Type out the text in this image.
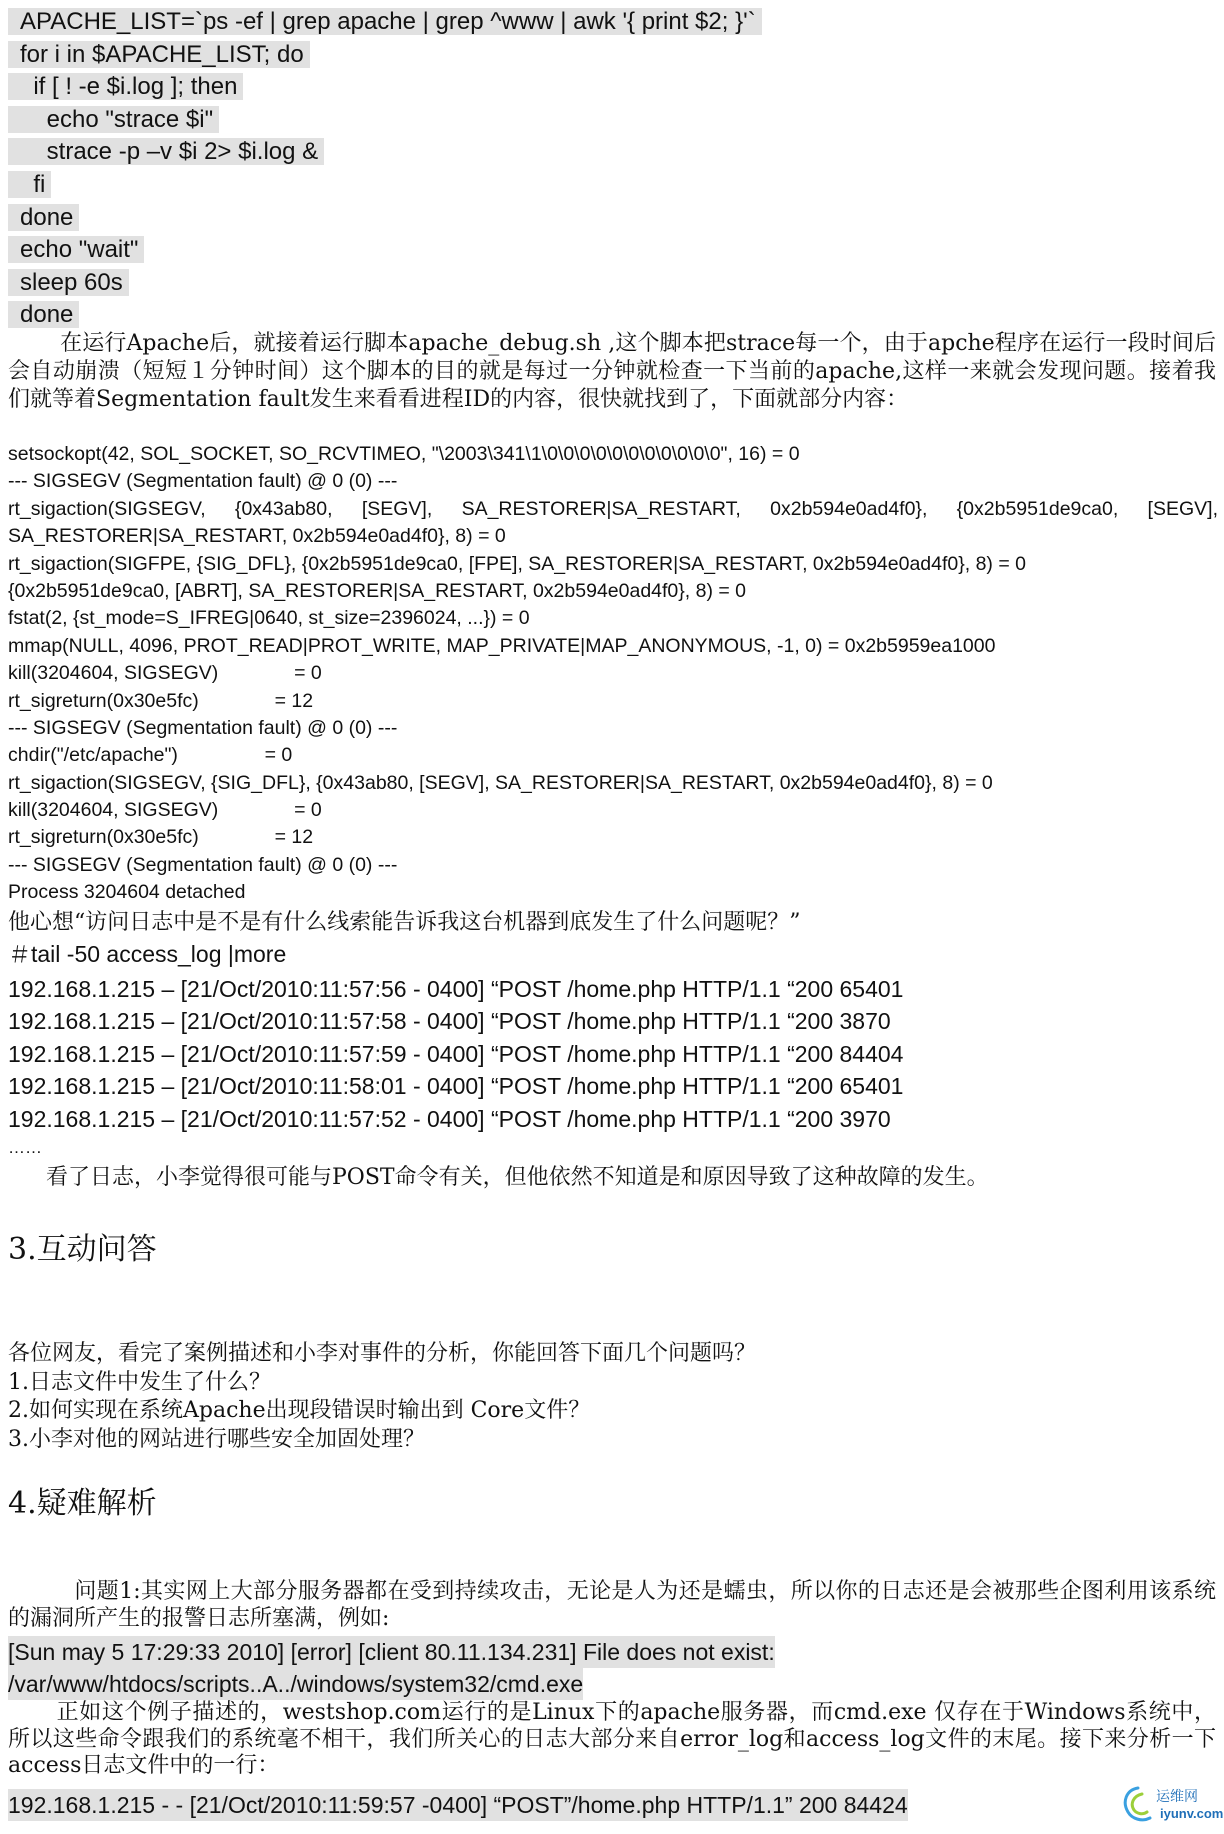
APACHE_LIST=`ps -ef | grep apache | grep ^www | awk '{ print $2; }'`
for i in $APACHE_LIST; do
if [ ! -e $i.log ]; then
echo "strace $i"
strace -p –v $i 2> $i.log &
fi
done
echo "wait"
sleep 60s
done
在运行Apache后，就接着运行脚本apache_debug.sh ,这个脚本把strace每一个，由于apche程序在运行一段时间后会自动崩溃（短短１分钟时间）这个脚本的目的就是每过一分钟就检查一下当前的apache,这样一来就会发现问题。接着我们就等着Segmentation fault发生来看看进程ID的内容，很快就找到了，下面就部分内容：
setsockopt(42, SOL_SOCKET, SO_RCVTIMEO, "\2003\341\1\0\0\0\0\0\0\0\0\0\0\0", 16) = 0
--- SIGSEGV (Segmentation fault) @ 0 (0) ---
rt_sigaction(SIGSEGV, {0x43ab80, [SEGV], SA_RESTORER|SA_RESTART, 0x2b594e0ad4f0}, {0x2b5951de9ca0, [SEGV],
SA_RESTORER|SA_RESTART, 0x2b594e0ad4f0}, 8) = 0
rt_sigaction(SIGFPE, {SIG_DFL}, {0x2b5951de9ca0, [FPE], SA_RESTORER|SA_RESTART, 0x2b594e0ad4f0}, 8) = 0
{0x2b5951de9ca0, [ABRT], SA_RESTORER|SA_RESTART, 0x2b594e0ad4f0}, 8) = 0
fstat(2, {st_mode=S_IFREG|0640, st_size=2396024, ...}) = 0
mmap(NULL, 4096, PROT_READ|PROT_WRITE, MAP_PRIVATE|MAP_ANONYMOUS, -1, 0) = 0x2b5959ea1000
kill(3204604, SIGSEGV)              = 0
rt_sigreturn(0x30e5fc)              = 12
--- SIGSEGV (Segmentation fault) @ 0 (0) ---
chdir("/etc/apache")                = 0
rt_sigaction(SIGSEGV, {SIG_DFL}, {0x43ab80, [SEGV], SA_RESTORER|SA_RESTART, 0x2b594e0ad4f0}, 8) = 0
kill(3204604, SIGSEGV)              = 0
rt_sigreturn(0x30e5fc)              = 12
--- SIGSEGV (Segmentation fault) @ 0 (0) ---
Process 3204604 detached
他心想“访问日志中是不是有什么线索能告诉我这台机器到底发生了什么问题呢？”
＃tail -50 access_log |more
192.168.1.215 – [21/Oct/2010:11:57:56 - 0400] “POST /home.php HTTP/1.1 “200 65401
192.168.1.215 – [21/Oct/2010:11:57:58 - 0400] “POST /home.php HTTP/1.1 “200 3870
192.168.1.215 – [21/Oct/2010:11:57:59 - 0400] “POST /home.php HTTP/1.1 “200 84404
192.168.1.215 – [21/Oct/2010:11:58:01 - 0400] “POST /home.php HTTP/1.1 “200 65401
192.168.1.215 – [21/Oct/2010:11:57:52 - 0400] “POST /home.php HTTP/1.1 “200 3970
……
看了日志，小李觉得很可能与POST命令有关，但他依然不知道是和原因导致了这种故障的发生。
3.互动问答
各位网友，看完了案例描述和小李对事件的分析，你能回答下面几个问题吗？
1.日志文件中发生了什么？
2.如何实现在系统Apache出现段错误时输出到 Core文件？
3.小李对他的网站进行哪些安全加固处理？
4.疑难解析
问题1:其实网上大部分服务器都在受到持续攻击，无论是人为还是蠕虫，所以你的日志还是会被那些企图利用该系统的漏洞所产生的报警日志所塞满，例如:
[Sun may 5 17:29:33 2010] [error] [client 80.11.134.231] File does not exist:
/var/www/htdocs/scripts..A../windows/system32/cmd.exe
正如这个例子描述的，westshop.com运行的是Linux下的apache服务器，而cmd.exe 仅存在于Windows系统中，所以这些命令跟我们的系统毫不相干，我们所关心的日志大部分来自error_log和access_log文件的末尾。接下来分析一下access日志文件中的一行：
192.168.1.215 - - [21/Oct/2010:11:59:57 -0400] “POST”/home.php HTTP/1.1” 200 84424	运维网
iyunv.com
